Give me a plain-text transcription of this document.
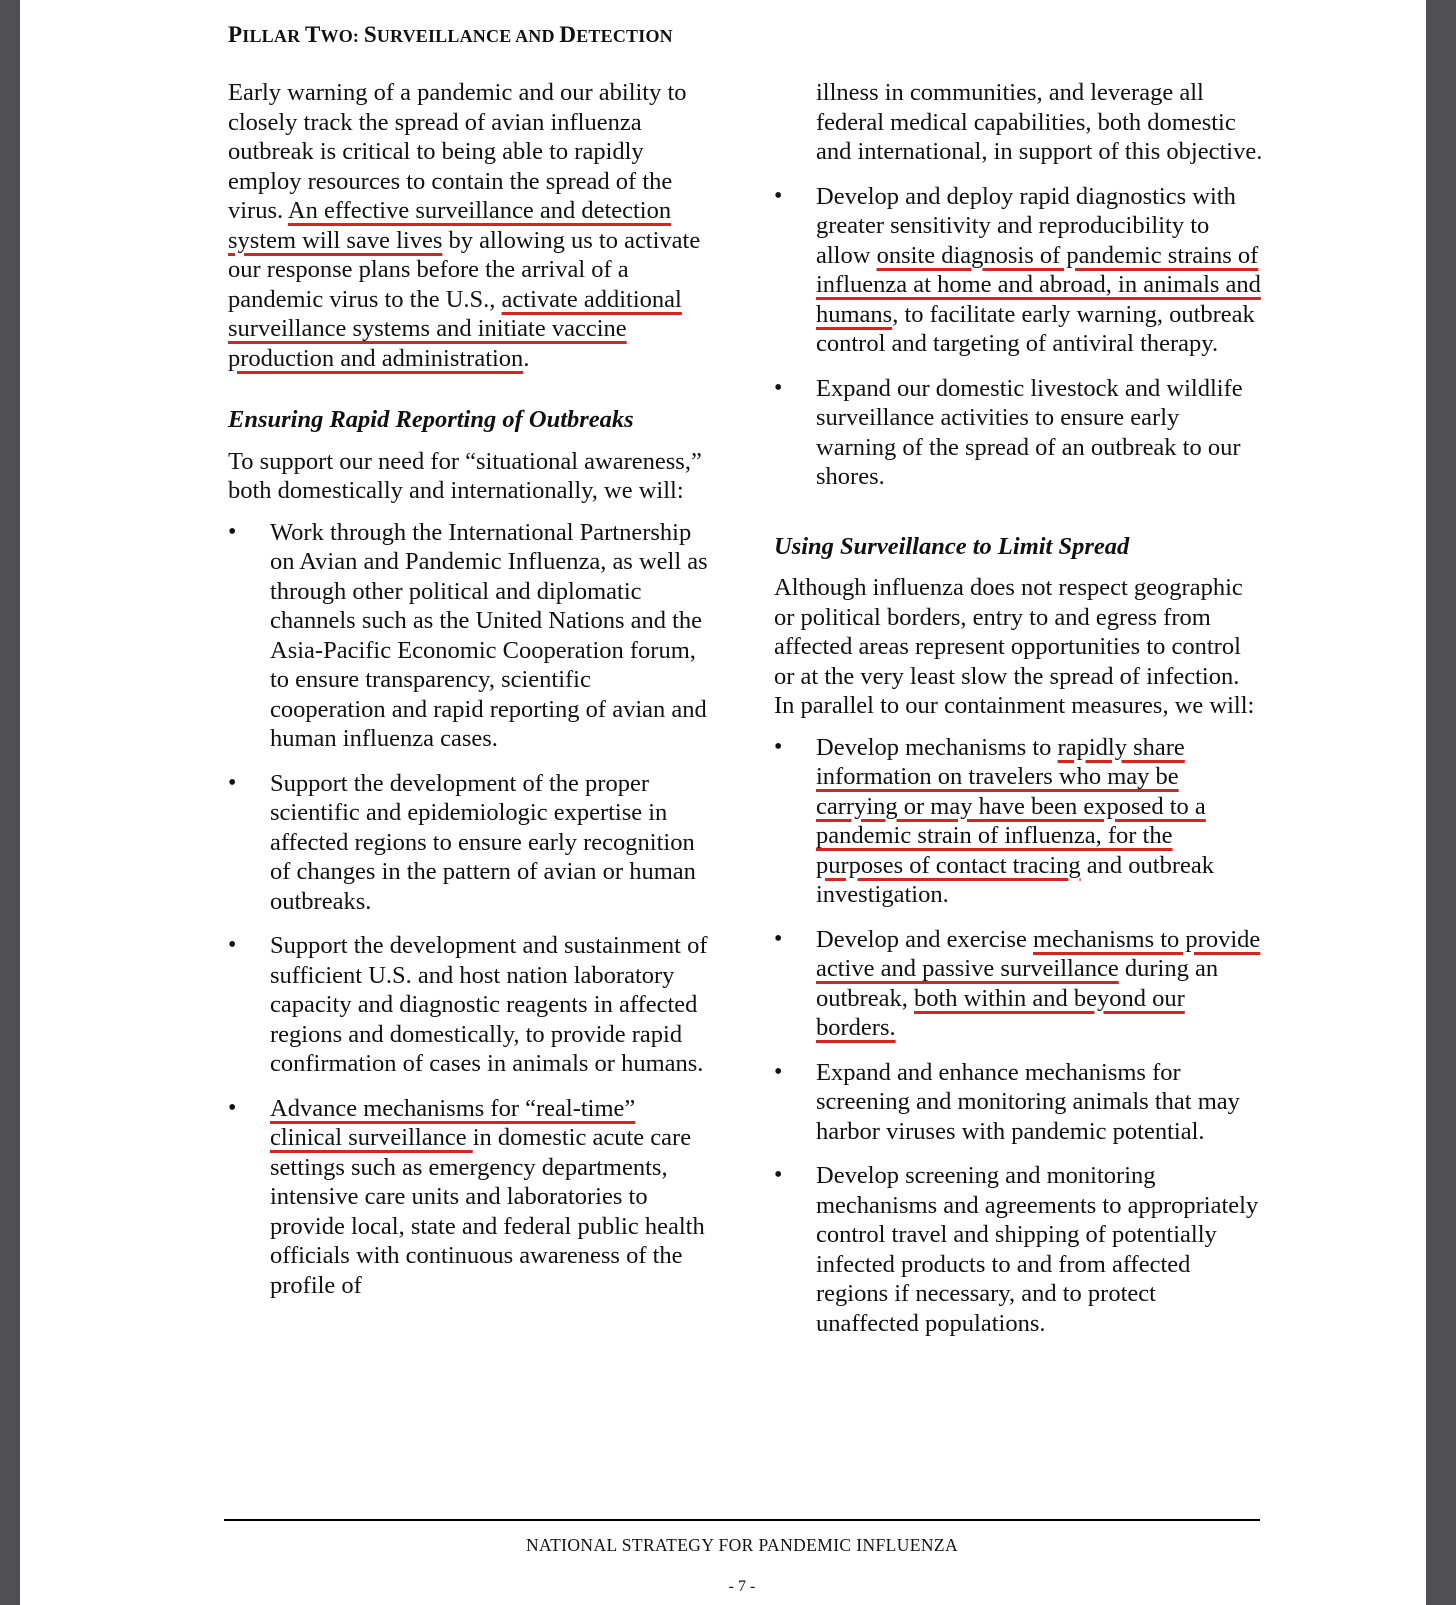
PILLAR TWO: SURVEILLANCE AND DETECTION

Early warning of a pandemic and our ability to closely track the spread of avian influenza outbreak is critical to being able to rapidly employ resources to contain the spread of the virus. An effective surveillance and detection system will save lives by allowing us to activate our response plans before the arrival of a pandemic virus to the U.S., activate additional surveillance systems and initiate vaccine production and administration.

Ensuring Rapid Reporting of Outbreaks

To support our need for “situational awareness,” both domestically and internationally, we will:

• Work through the International Partnership on Avian and Pandemic Influenza, as well as through other political and diplomatic channels such as the United Nations and the Asia-Pacific Economic Cooperation forum, to ensure transparency, scientific cooperation and rapid reporting of avian and human influenza cases.
• Support the development of the proper scientific and epidemiologic expertise in affected regions to ensure early recognition of changes in the pattern of avian or human outbreaks.
• Support the development and sustainment of sufficient U.S. and host nation laboratory capacity and diagnostic reagents in affected regions and domestically, to provide rapid confirmation of cases in animals or humans.
• Advance mechanisms for “real-time” clinical surveillance in domestic acute care settings such as emergency departments, intensive care units and laboratories to provide local, state and federal public health officials with continuous awareness of the profile of

illness in communities, and leverage all federal medical capabilities, both domestic and international, in support of this objective.

• Develop and deploy rapid diagnostics with greater sensitivity and reproducibility to allow onsite diagnosis of pandemic strains of influenza at home and abroad, in animals and humans, to facilitate early warning, outbreak control and targeting of antiviral therapy.
• Expand our domestic livestock and wildlife surveillance activities to ensure early warning of the spread of an outbreak to our shores.
Using Surveillance to Limit Spread

Although influenza does not respect geographic or political borders, entry to and egress from affected areas represent opportunities to control or at the very least slow the spread of infection. In parallel to our containment measures, we will:

• Develop mechanisms to rapidly share information on travelers who may be carrying or may have been exposed to a pandemic strain of influenza, for the purposes of contact tracing and outbreak investigation.
• Develop and exercise mechanisms to provide active and passive surveillance during an outbreak, both within and beyond our borders.
• Expand and enhance mechanisms for screening and monitoring animals that may harbor viruses with pandemic potential.
• Develop screening and monitoring mechanisms and agreements to appropriately control travel and shipping of potentially infected products to and from affected regions if necessary, and to protect unaffected populations.
NATIONAL STRATEGY FOR PANDEMIC INFLUENZA
- 7 -
